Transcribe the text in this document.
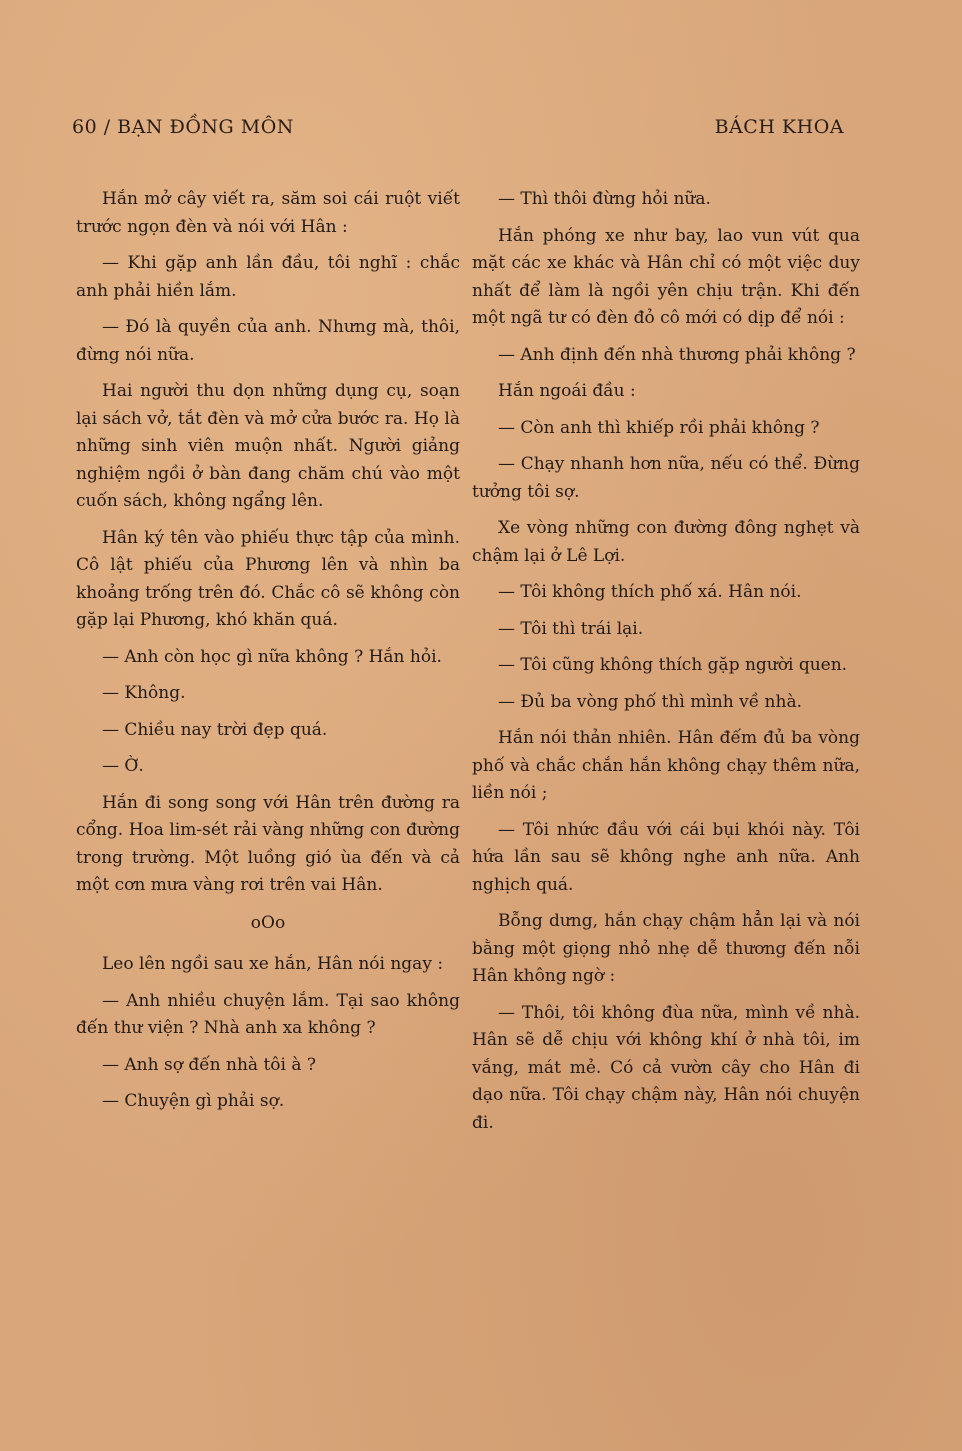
60 / BẠN ĐỒNG MÔN	BÁCH KHOA

Hắn mở cây viết ra, săm soi cái ruột viết trước ngọn đèn và nói với Hân :

— Khi gặp anh lần đầu, tôi nghĩ : chắc anh phải hiền lắm.

— Đó là quyền của anh. Nhưng mà, thôi, đừng nói nữa.

Hai người thu dọn những dụng cụ, soạn lại sách vở, tắt đèn và mở cửa bước ra. Họ là những sinh viên muộn nhất. Người giảng nghiệm ngồi ở bàn đang chăm chú vào một cuốn sách, không ngẩng lên.

Hân ký tên vào phiếu thực tập của mình. Cô lật phiếu của Phương lên và nhìn ba khoảng trống trên đó. Chắc cô sẽ không còn gặp lại Phương, khó khăn quá.

— Anh còn học gì nữa không ? Hắn hỏi.

— Không.

— Chiều nay trời đẹp quá.

— Ờ.

Hắn đi song song với Hân trên đường ra cổng. Hoa lim-sét rải vàng những con đường trong trường. Một luồng gió ùa đến và cả một cơn mưa vàng rơi trên vai Hân.

oOo

Leo lên ngồi sau xe hắn, Hân nói ngay :

— Anh nhiều chuyện lắm. Tại sao không đến thư viện ? Nhà anh xa không ?

— Anh sợ đến nhà tôi à ?

— Chuyện gì phải sợ.

— Thì thôi đừng hỏi nữa.

Hắn phóng xe như bay, lao vun vút qua mặt các xe khác và Hân chỉ có một việc duy nhất để làm là ngồi yên chịu trận. Khi đến một ngã tư có đèn đỏ cô mới có dịp để nói :

— Anh định đến nhà thương phải không ?

Hắn ngoái đầu :

— Còn anh thì khiếp rồi phải không ?

— Chạy nhanh hơn nữa, nếu có thể. Đừng tưởng tôi sợ.

Xe vòng những con đường đông nghẹt và chậm lại ở Lê Lợi.

— Tôi không thích phố xá. Hân nói.

— Tôi thì trái lại.

— Tôi cũng không thích gặp người quen.

— Đủ ba vòng phố thì mình về nhà.

Hắn nói thản nhiên. Hân đếm đủ ba vòng phố và chắc chắn hắn không chạy thêm nữa, liền nói ;

— Tôi nhức đầu với cái bụi khói này. Tôi hứa lần sau sẽ không nghe anh nữa. Anh nghịch quá.

Bỗng dưng, hắn chạy chậm hẳn lại và nói bằng một giọng nhỏ nhẹ dễ thương đến nỗi Hân không ngờ :

— Thôi, tôi không đùa nữa, mình về nhà. Hân sẽ dễ chịu với không khí ở nhà tôi, im vắng, mát mẻ. Có cả vườn cây cho Hân đi dạo nữa. Tôi chạy chậm này, Hân nói chuyện đi.
